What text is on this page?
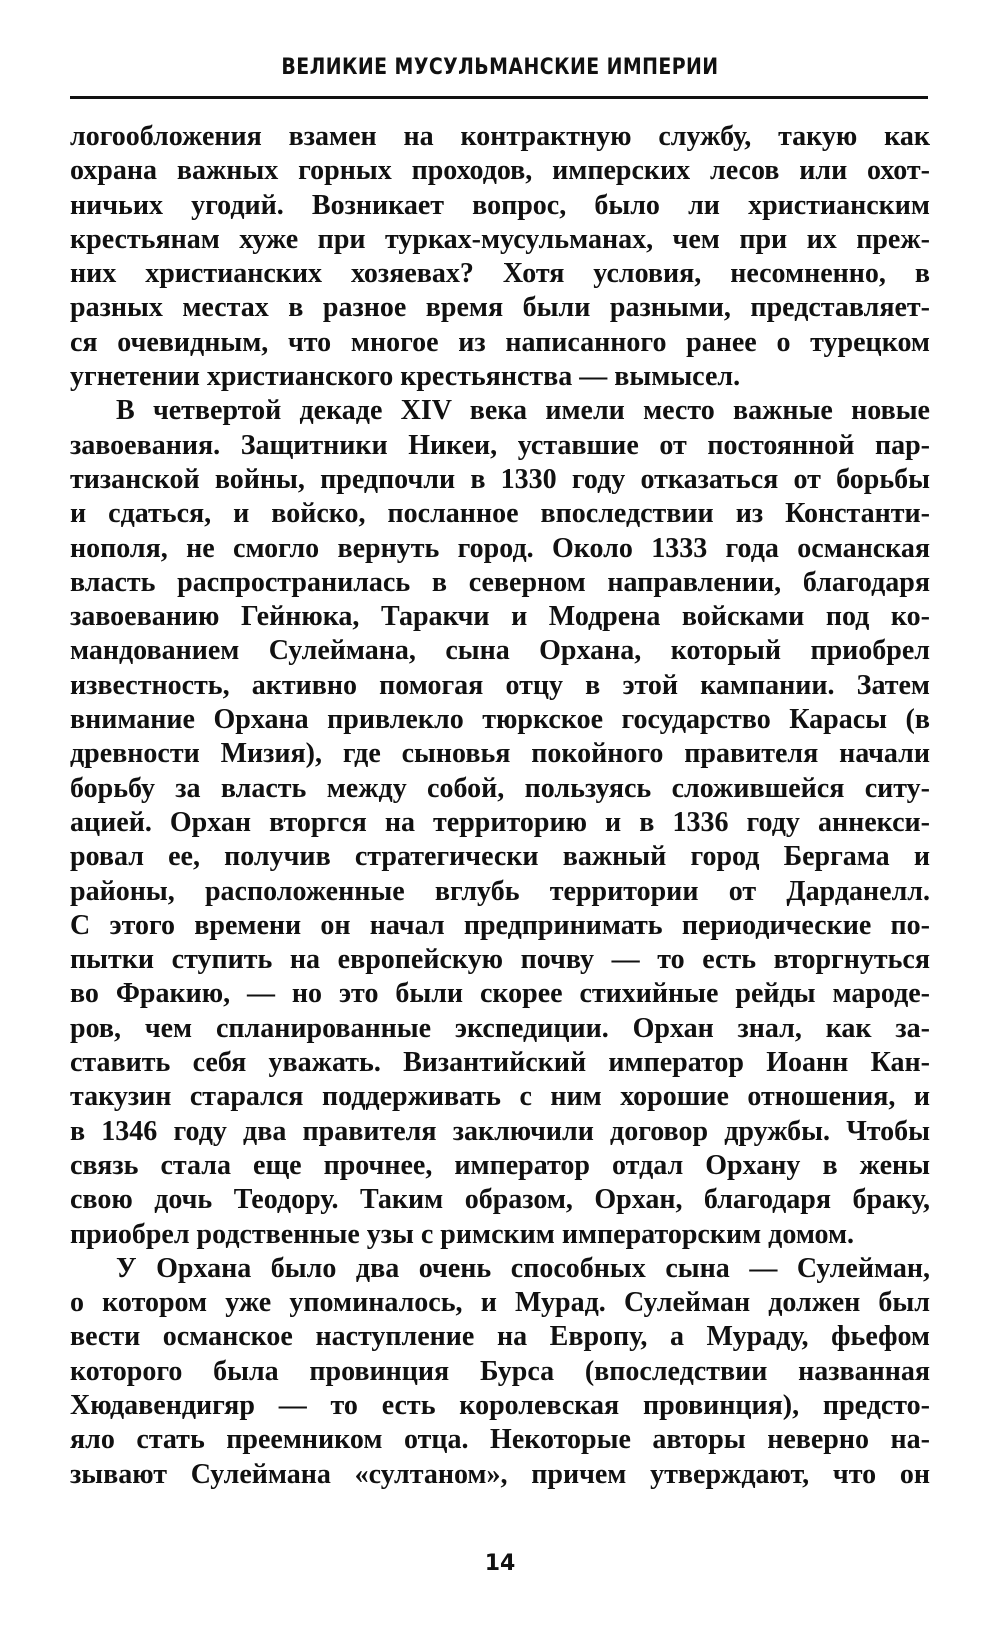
ВЕЛИКИЕ МУСУЛЬМАНСКИЕ ИМПЕРИИ
логообложения взамен на контрактную службу, такую как
охрана важных горных проходов, имперских лесов или охот-
ничьих угодий. Возникает вопрос, было ли христианским
крестьянам хуже при турках-мусульманах, чем при их преж-
них христианских хозяевах? Хотя условия, несомненно, в
разных местах в разное время были разными, представляет-
ся очевидным, что многое из написанного ранее о турецком
угнетении христианского крестьянства — вымысел.
В четвертой декаде XIV века имели место важные новые
завоевания. Защитники Никеи, уставшие от постоянной пар-
тизанской войны, предпочли в 1330 году отказаться от борьбы
и сдаться, и войско, посланное впоследствии из Константи-
нополя, не смогло вернуть город. Около 1333 года османская
власть распространилась в северном направлении, благодаря
завоеванию Гейнюка, Таракчи и Модрена войсками под ко-
мандованием Сулеймана, сына Орхана, который приобрел
известность, активно помогая отцу в этой кампании. Затем
внимание Орхана привлекло тюркское государство Карасы (в
древности Мизия), где сыновья покойного правителя начали
борьбу за власть между собой, пользуясь сложившейся ситу-
ацией. Орхан вторгся на территорию и в 1336 году аннекси-
ровал ее, получив стратегически важный город Бергама и
районы, расположенные вглубь территории от Дарданелл.
С этого времени он начал предпринимать периодические по-
пытки ступить на европейскую почву — то есть вторгнуться
во Фракию, — но это были скорее стихийные рейды мародe-
ров, чем спланированные экспедиции. Орхан знал, как за-
ставить себя уважать. Византийский император Иоанн Кан-
такузин старался поддерживать с ним хорошие отношения, и
в 1346 году два правителя заключили договор дружбы. Чтобы
связь стала еще прочнее, император отдал Орхану в жены
свою дочь Теодору. Таким образом, Орхан, благодаря браку,
приобрел родственные узы с римским императорским домом.
У Орхана было два очень способных сына — Сулейман,
о котором уже упоминалось, и Мурад. Сулейман должен был
вести османское наступление на Европу, а Мураду, фьефом
которого была провинция Бурса (впоследствии названная
Хюдавендигяр — то есть королевская провинция), предсто-
яло стать преемником отца. Некоторые авторы неверно на-
зывают Сулеймана «султаном», причем утверждают, что он
14
